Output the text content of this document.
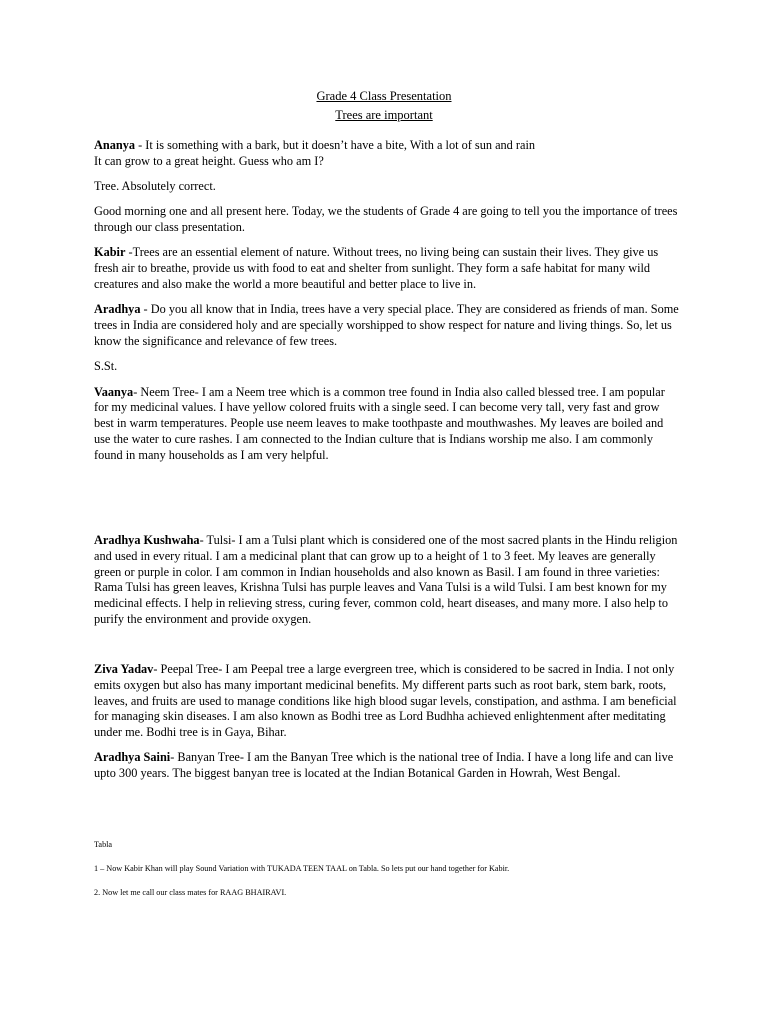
Grade 4 Class Presentation
Trees are important

Ananya - It is something with a bark, but it doesn’t have a bite, With a lot of sun and rain
It can grow to a great height. Guess who am I?

Tree. Absolutely correct.

Good morning one and all present here. Today, we the students of Grade 4 are going to tell you the importance of trees through our class presentation.

Kabir -Trees are an essential element of nature. Without trees, no living being can sustain their lives. They give us fresh air to breathe, provide us with food to eat and shelter from sunlight. They form a safe habitat for many wild creatures and also make the world a more beautiful and better place to live in.

Aradhya - Do you all know that in India, trees have a very special place. They are considered as friends of man. Some trees in India are considered holy and are specially worshipped to show respect for nature and living things. So, let us know the significance and relevance of few trees.

S.St.

Vaanya- Neem Tree- I am a Neem tree which is a common tree found in India also called blessed tree. I am popular for my medicinal values. I have yellow colored fruits with a single seed. I can become very tall, very fast and grow best in warm temperatures. People use neem leaves to make toothpaste and mouthwashes. My leaves are boiled and use the water to cure rashes. I am connected to the Indian culture that is Indians worship me also. I am commonly found in many households as I am very helpful.

Aradhya Kushwaha- Tulsi- I am a Tulsi plant which is considered one of the most sacred plants in the Hindu religion and used in every ritual. I am a medicinal plant that can grow up to a height of 1 to 3 feet. My leaves are generally green or purple in color. I am common in Indian households and also known as Basil. I am found in three varieties: Rama Tulsi has green leaves, Krishna Tulsi has purple leaves and Vana Tulsi is a wild Tulsi. I am best known for my medicinal effects. I help in relieving stress, curing fever, common cold, heart diseases, and many more. I also help to purify the environment and provide oxygen.

Ziva Yadav- Peepal Tree- I am Peepal tree a large evergreen tree, which is considered to be sacred in India. I not only emits oxygen but also has many important medicinal benefits. My different parts such as root bark, stem bark, roots, leaves, and fruits are used to manage conditions like high blood sugar levels, constipation, and asthma. I am beneficial for managing skin diseases. I am also known as Bodhi tree as Lord Budhha achieved enlightenment after meditating under me. Bodhi tree is in Gaya, Bihar.

Aradhya Saini- Banyan Tree- I am the Banyan Tree which is the national tree of India. I have a long life and can live upto 300 years. The biggest banyan tree is located at the Indian Botanical Garden in Howrah, West Bengal.

Tabla

1 – Now Kabir Khan will play Sound Variation with TUKADA TEEN TAAL on Tabla. So lets put our hand together for Kabir.

2. Now let me call our class mates for RAAG BHAIRAVI.
